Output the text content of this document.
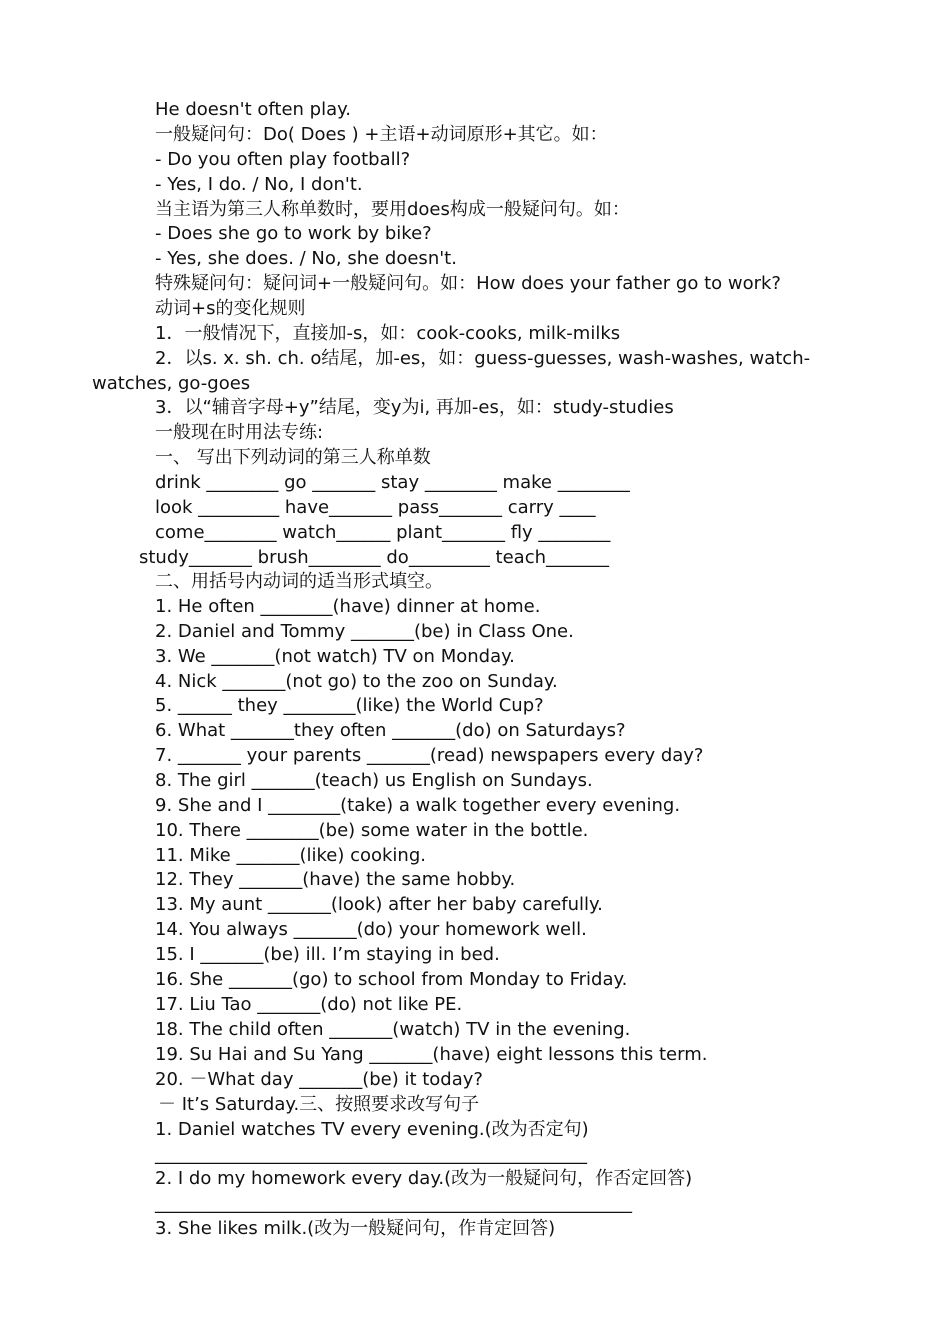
He doesn't often play.
一般疑问句：Do( Does ) +主语+动词原形+其它。如：
- Do you often play football?
- Yes, I do. / No, I don't.
当主语为第三人称单数时，要用does构成一般疑问句。如：
- Does she go to work by bike?
- Yes, she does. / No, she doesn't.
特殊疑问句：疑问词+一般疑问句。如：How does your father go to work?
动词+s的变化规则
1．一般情况下，直接加-s，如：cook-cooks, milk-milks
2．以s. x. sh. ch. o结尾，加-es，如：guess-guesses, wash-washes, watch-
watches, go-goes
3．以“辅音字母+y”结尾，变y为i, 再加-es，如：study-studies
一般现在时用法专练:
一、 写出下列动词的第三人称单数
drink ________ go _______ stay ________ make ________
look _________ have_______ pass_______ carry ____
come________ watch______ plant_______ fly ________
study_______ brush________ do_________ teach_______
二、用括号内动词的适当形式填空。
1. He often ________(have) dinner at home.
2. Daniel and Tommy _______(be) in Class One.
3. We _______(not watch) TV on Monday.
4. Nick _______(not go) to the zoo on Sunday.
5. ______ they ________(like) the World Cup?
6. What _______they often _______(do) on Saturdays?
7. _______ your parents _______(read) newspapers every day?
8. The girl _______(teach) us English on Sundays.
9. She and I ________(take) a walk together every evening.
10. There ________(be) some water in the bottle.
11. Mike _______(like) cooking.
12. They _______(have) the same hobby.
13. My aunt _______(look) after her baby carefully.
14. You always _______(do) your homework well.
15. I _______(be) ill. I’m staying in bed.
16. She _______(go) to school from Monday to Friday.
17. Liu Tao _______(do) not like PE.
18. The child often _______(watch) TV in the evening.
19. Su Hai and Su Yang _______(have) eight lessons this term.
20. －What day _______(be) it today?
－ It’s Saturday.三、按照要求改写句子
1. Daniel watches TV every evening.(改为否定句)
________________________________________________
2. I do my homework every day.(改为一般疑问句，作否定回答)
_____________________________________________________
3. She likes milk.(改为一般疑问句，作肯定回答)
